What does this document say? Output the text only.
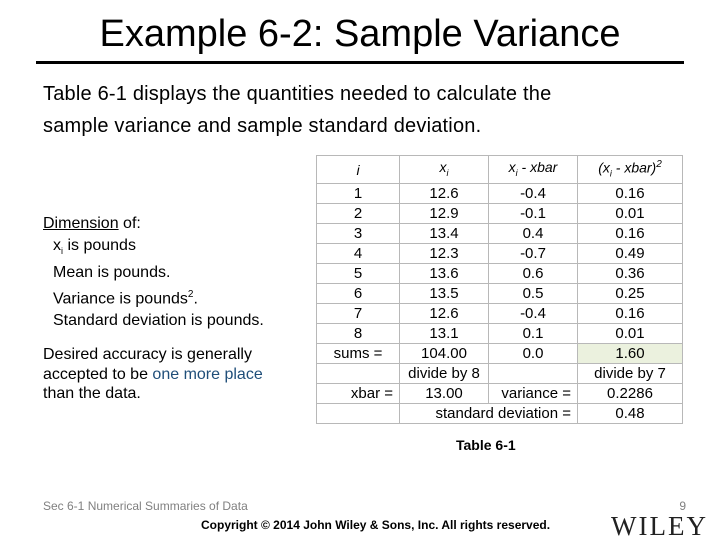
Example 6-2: Sample Variance
Table 6-1 displays the quantities needed to calculate the
sample variance and sample standard deviation.
Dimension of:
$x_i$ is pounds
Mean is pounds.
Variance is pounds$^2$.
Standard deviation is pounds.
Desired accuracy is generally
accepted to be one more place
than the data.
i	$x_i$	$x_i$ - xbar	($x_i$ - xbar)$^2$
1	12.6	-0.4	0.16
2	12.9	-0.1	0.01
3	13.4	0.4	0.16
4	12.3	-0.7	0.49
5	13.6	0.6	0.36
6	13.5	0.5	0.25
7	12.6	-0.4	0.16
8	13.1	0.1	0.01
sums =	104.00	0.0	1.60
	divide by 8		divide by 7
xbar =	13.00	variance =	0.2286
	standard deviation =		0.48
Table 6-1
Sec 6-1 Numerical Summaries of Data	9
Copyright © 2014 John Wiley & Sons, Inc. All rights reserved. WILEY
